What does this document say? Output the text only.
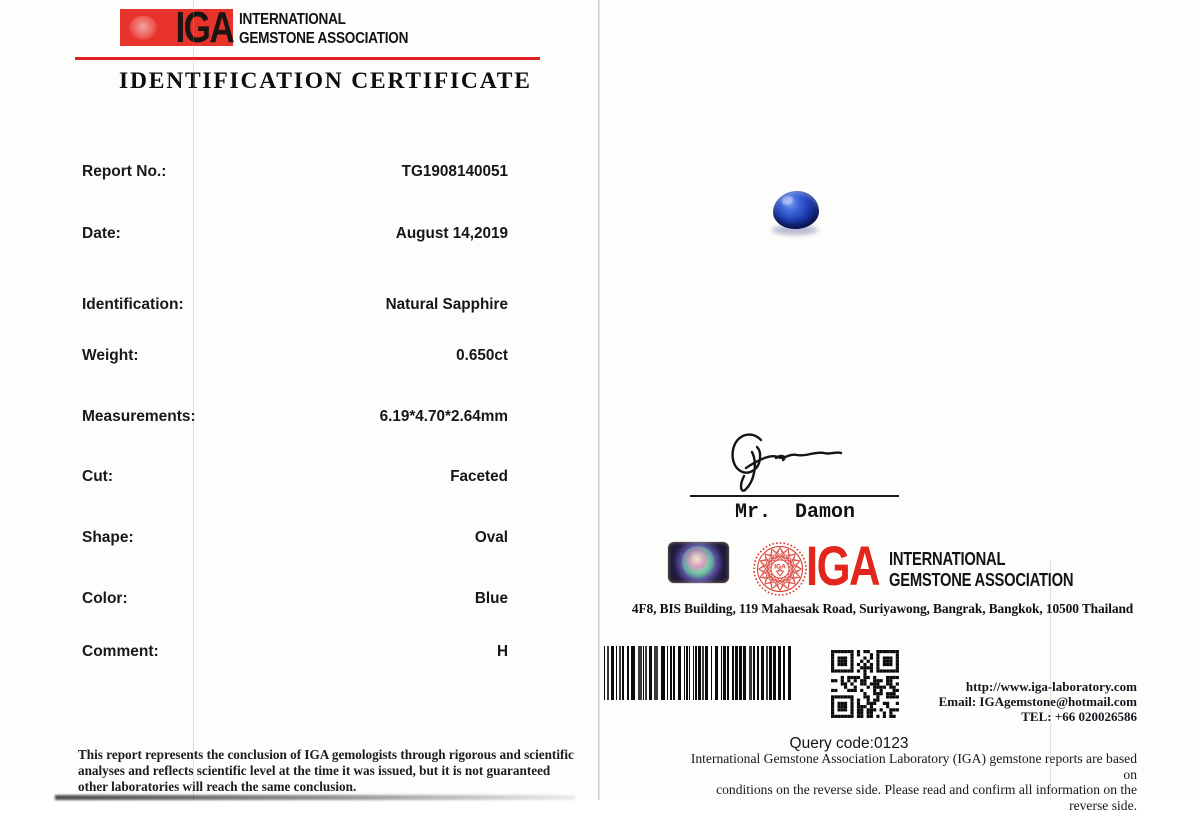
IGA INTERNATIONAL
GEMSTONE ASSOCIATION
IDENTIFICATION CERTIFICATE
Report No.:	TG1908140051
Date:	August 14,2019
Identification:	Natural Sapphire
Weight:	0.650ct
Measurements:	6.19*4.70*2.64mm
Cut:	Faceted
Shape:	Oval
Color:	Blue
Comment:	H
This report represents the conclusion of IGA gemologists through rigorous and scientific
analyses and reflects scientific level at the time it was issued, but it is not guaranteed
other laboratories will reach the same conclusion.
Mr.  Damon
IGA IGA INTERNATIONAL
GEMSTONE ASSOCIATION
4F8, BIS Building, 119 Mahaesak Road, Suriyawong, Bangrak, Bangkok, 10500 Thailand
http://www.iga-laboratory.com
Email: IGAgemstone@hotmail.com
TEL: +66 020026586
Query code:0123
International Gemstone Association Laboratory (IGA) gemstone reports are based on
conditions on the reverse side. Please read and confirm all information on the
reverse side.
